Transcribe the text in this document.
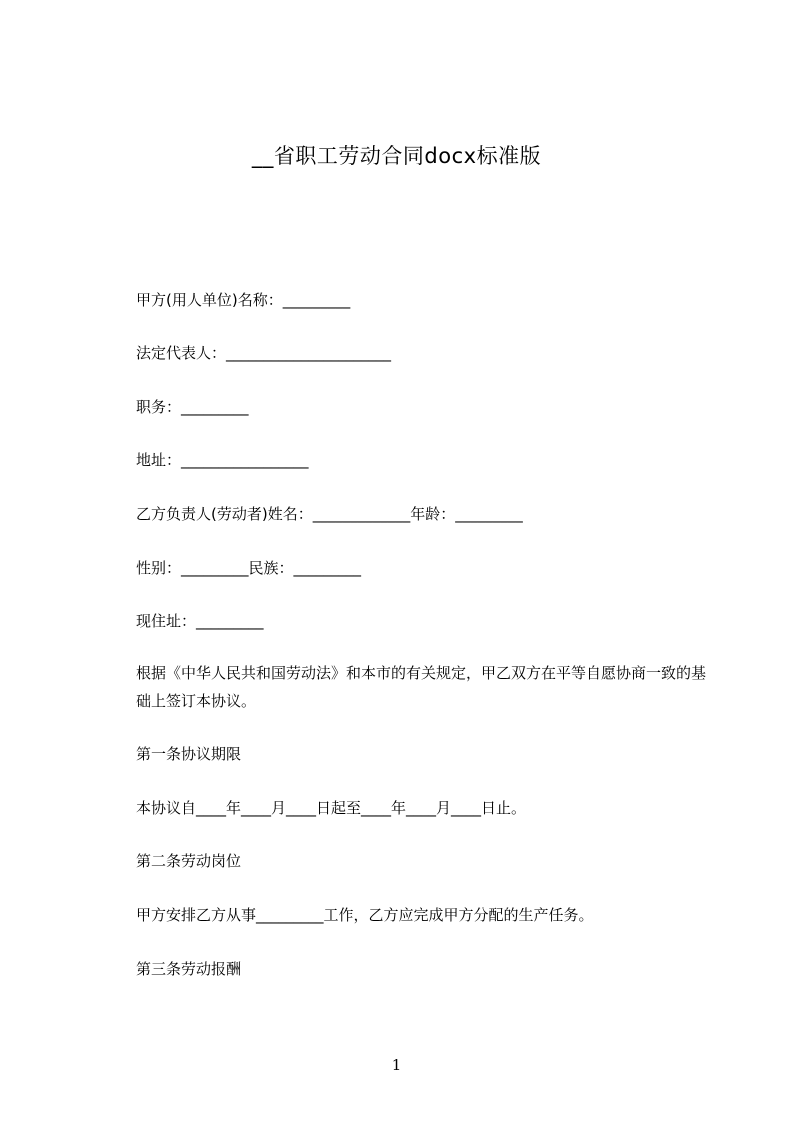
__省职工劳动合同docx标准版
甲方(用人单位)名称：_________
法定代表人：______________________
职务：_________
地址：_________________
乙方负责人(劳动者)姓名：_____________年龄：_________
性别：_________民族：_________
现住址：_________
根据《中华人民共和国劳动法》和本市的有关规定，甲乙双方在平等自愿协商一致的基础上签订本协议。
第一条协议期限
本协议自____年____月____日起至____年____月____日止。
第二条劳动岗位
甲方安排乙方从事_________工作，乙方应完成甲方分配的生产任务。
第三条劳动报酬
1
